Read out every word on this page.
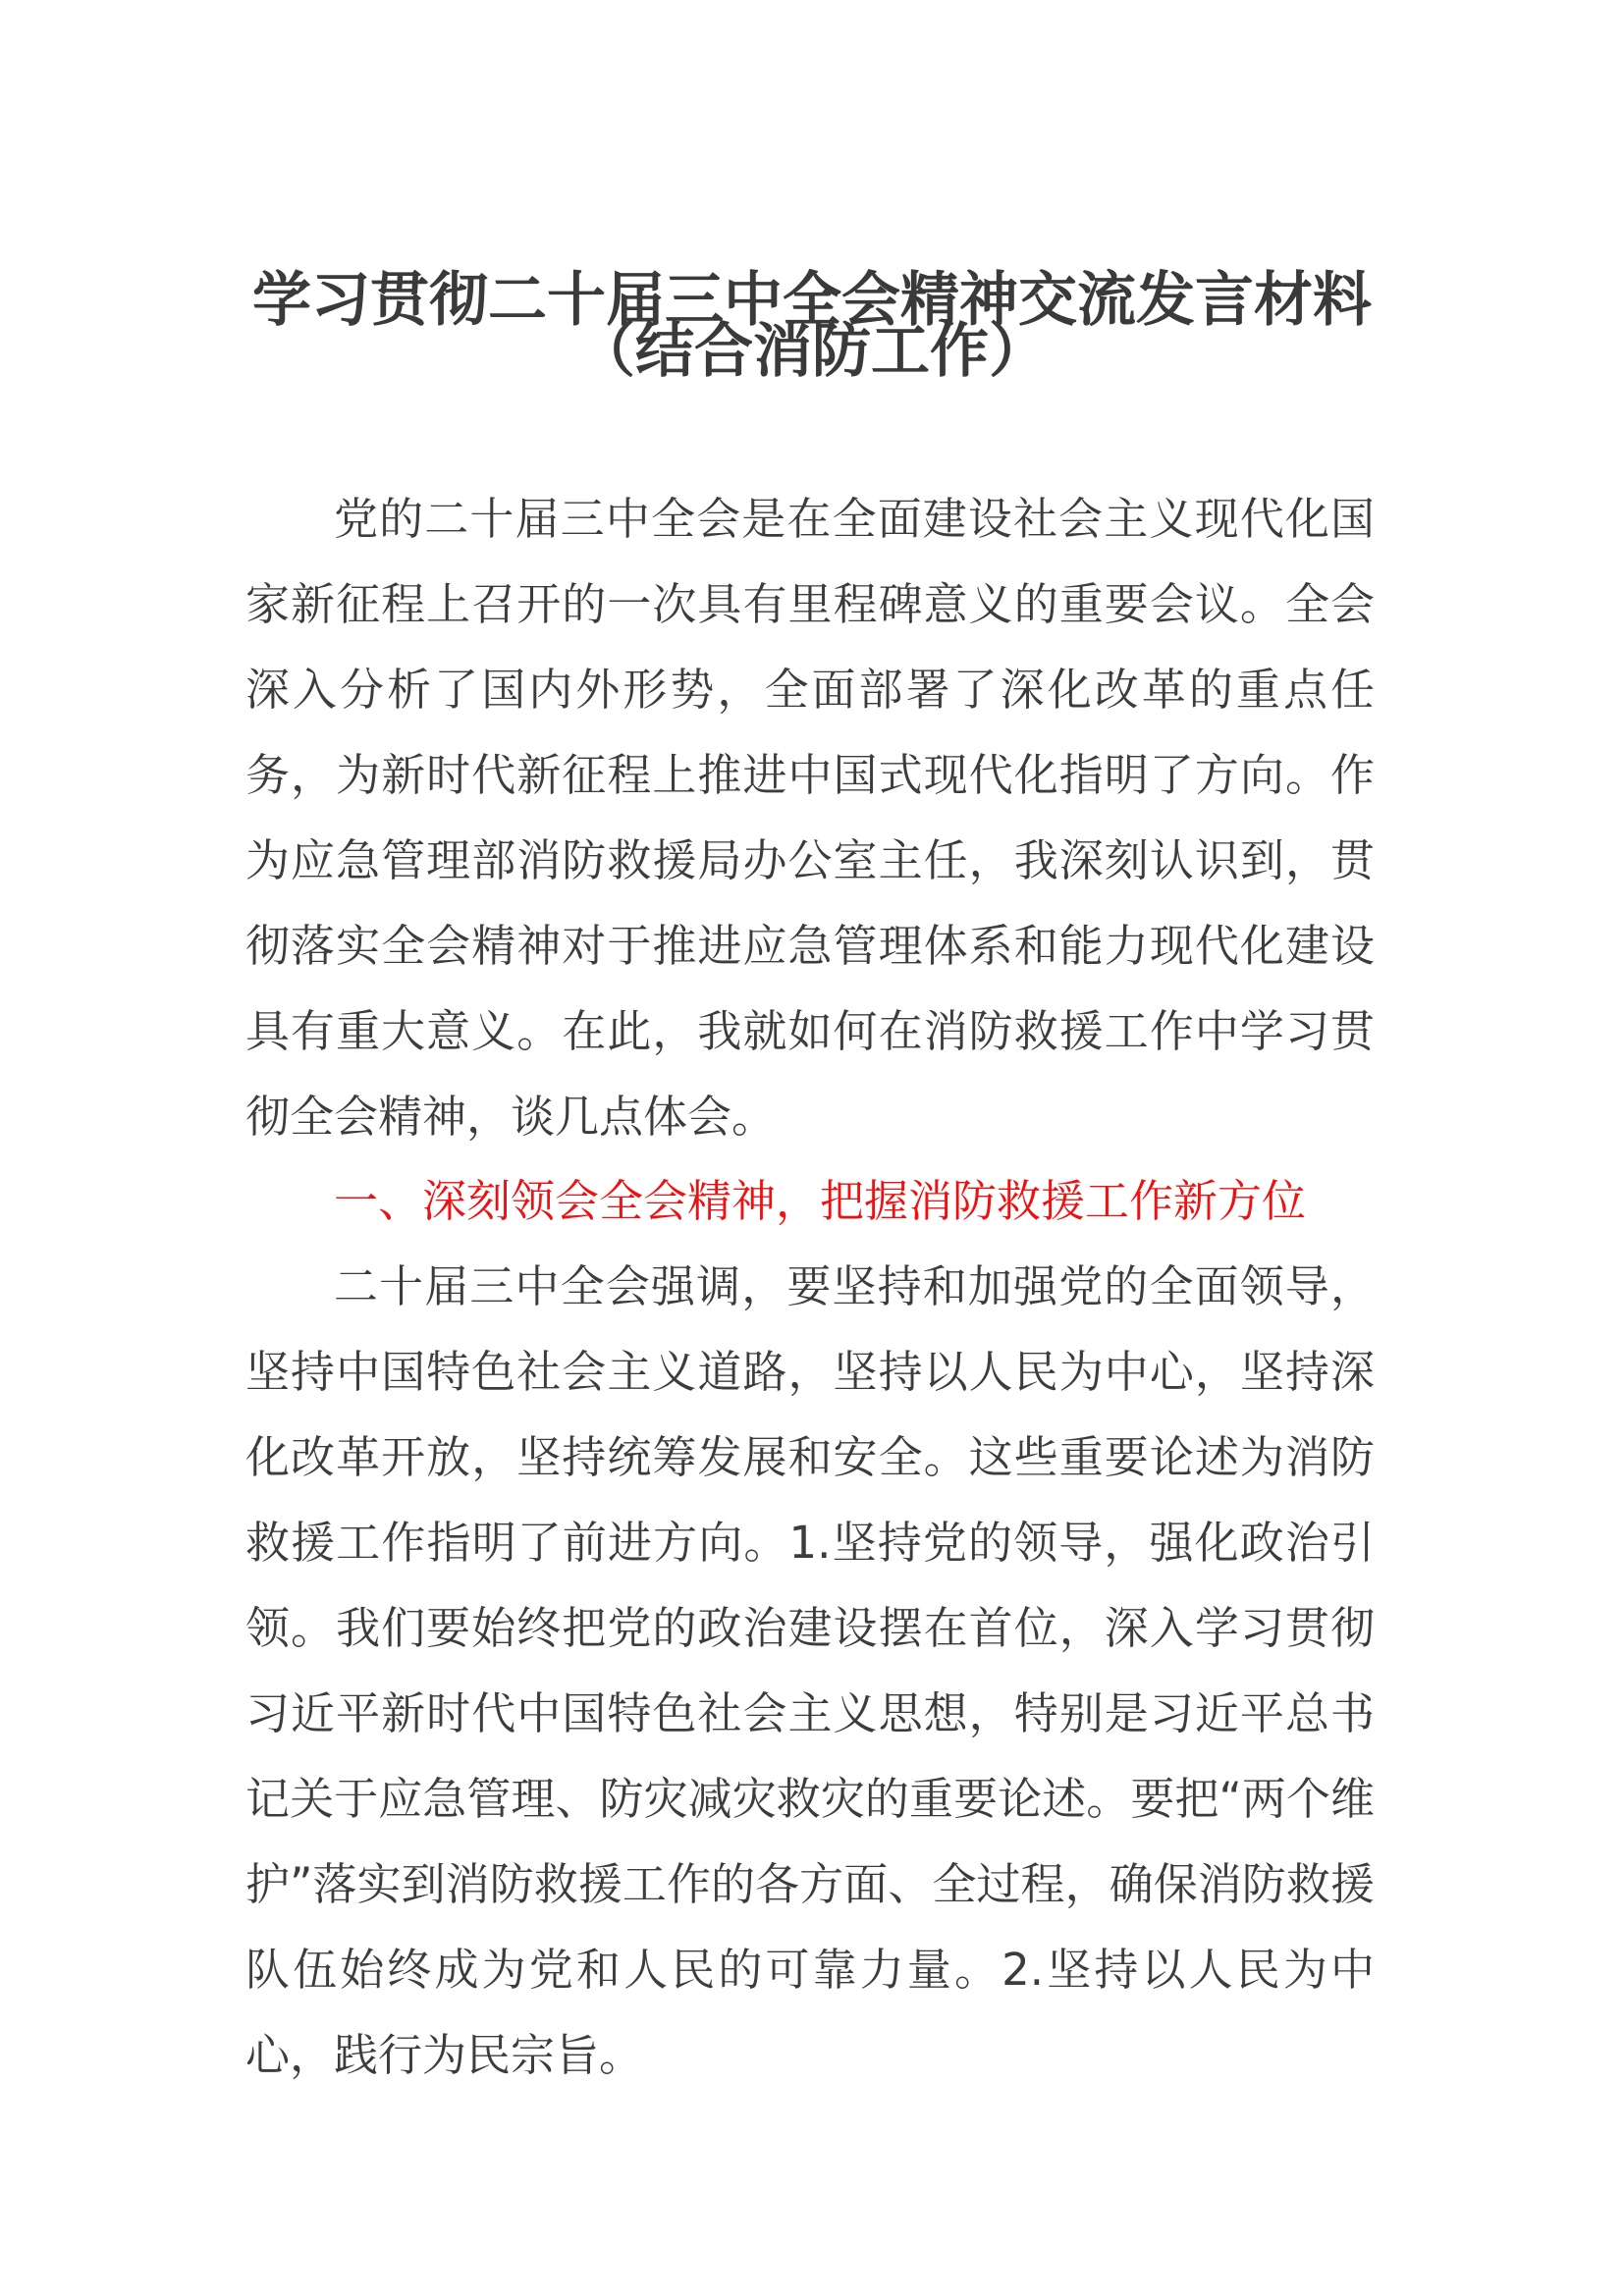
学习贯彻二十届三中全会精神交流发言材料
（结合消防工作）

党的二十届三中全会是在全面建设社会主义现代化国家新征程上召开的一次具有里程碑意义的重要会议。全会深入分析了国内外形势，全面部署了深化改革的重点任务，为新时代新征程上推进中国式现代化指明了方向。作为应急管理部消防救援局办公室主任，我深刻认识到，贯彻落实全会精神对于推进应急管理体系和能力现代化建设具有重大意义。在此，我就如何在消防救援工作中学习贯彻全会精神，谈几点体会。

一、深刻领会全会精神，把握消防救援工作新方位

二十届三中全会强调，要坚持和加强党的全面领导，坚持中国特色社会主义道路，坚持以人民为中心，坚持深化改革开放，坚持统筹发展和安全。这些重要论述为消防救援工作指明了前进方向。1.坚持党的领导，强化政治引领。我们要始终把党的政治建设摆在首位，深入学习贯彻习近平新时代中国特色社会主义思想，特别是习近平总书记关于应急管理、防灾减灾救灾的重要论述。要把“两个维护”落实到消防救援工作的各方面、全过程，确保消防救援队伍始终成为党和人民的可靠力量。2.坚持以人民为中心，践行为民宗旨。
